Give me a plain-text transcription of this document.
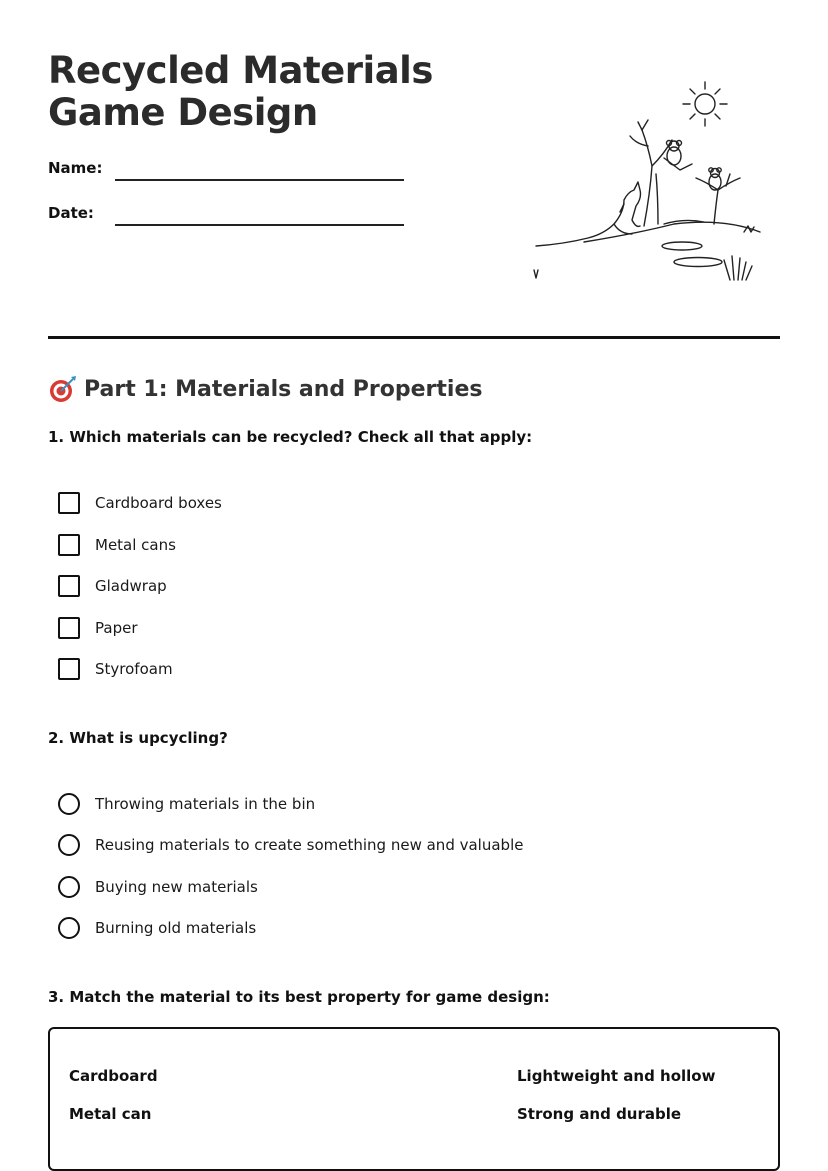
Recycled Materials
Game Design
Name:
Date:
Part 1: Materials and Properties
1. Which materials can be recycled? Check all that apply:
Cardboard boxes
Metal cans
Gladwrap
Paper
Styrofoam
2. What is upcycling?
Throwing materials in the bin
Reusing materials to create something new and valuable
Buying new materials
Burning old materials
3. Match the material to its best property for game design:
Cardboard	Lightweight and hollow
Metal can	Strong and durable
